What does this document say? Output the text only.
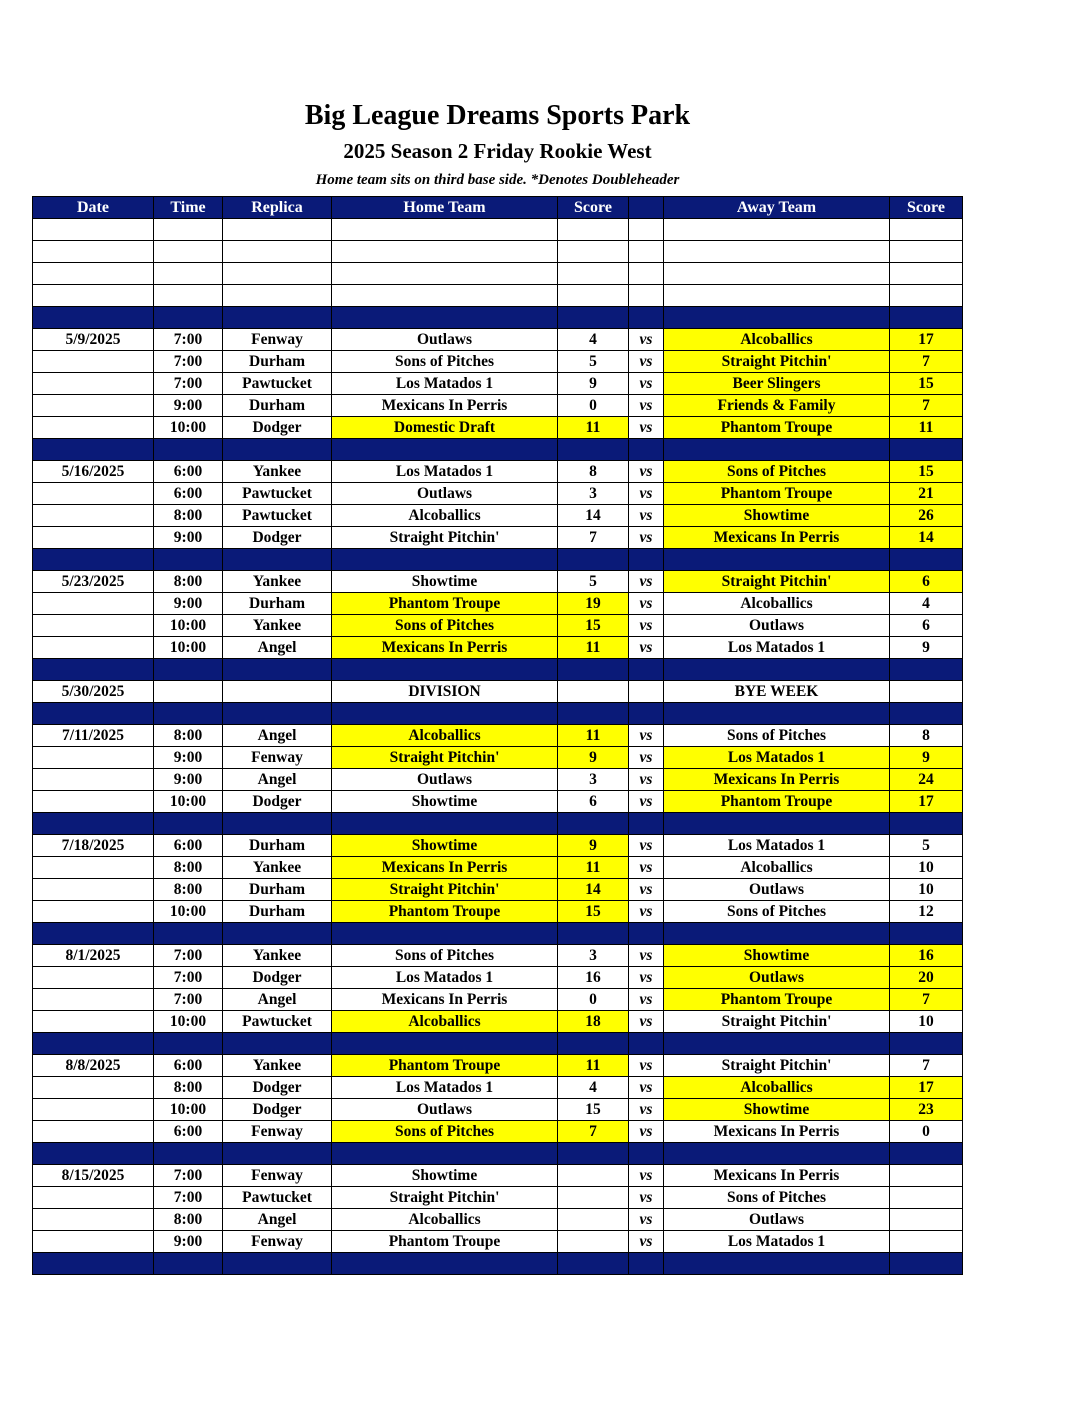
Big League Dreams Sports Park
2025 Season 2 Friday Rookie West
Home team sits on third base side. *Denotes Doubleheader
Date	Time	Replica	Home Team	Score		Away Team	Score

5/9/2025	7:00	Fenway	Outlaws	4	vs	Alcoballics	17
	7:00	Durham	Sons of Pitches	5	vs	Straight Pitchin'	7
	7:00	Pawtucket	Los Matados 1	9	vs	Beer Slingers	15
	9:00	Durham	Mexicans In Perris	0	vs	Friends & Family	7
	10:00	Dodger	Domestic Draft	11	vs	Phantom Troupe	11

5/16/2025	6:00	Yankee	Los Matados 1	8	vs	Sons of Pitches	15
	6:00	Pawtucket	Outlaws	3	vs	Phantom Troupe	21
	8:00	Pawtucket	Alcoballics	14	vs	Showtime	26
	9:00	Dodger	Straight Pitchin'	7	vs	Mexicans In Perris	14

5/23/2025	8:00	Yankee	Showtime	5	vs	Straight Pitchin'	6
	9:00	Durham	Phantom Troupe	19	vs	Alcoballics	4
	10:00	Yankee	Sons of Pitches	15	vs	Outlaws	6
	10:00	Angel	Mexicans In Perris	11	vs	Los Matados 1	9

5/30/2025			DIVISION			BYE WEEK	

7/11/2025	8:00	Angel	Alcoballics	11	vs	Sons of Pitches	8
	9:00	Fenway	Straight Pitchin'	9	vs	Los Matados 1	9
	9:00	Angel	Outlaws	3	vs	Mexicans In Perris	24
	10:00	Dodger	Showtime	6	vs	Phantom Troupe	17

7/18/2025	6:00	Durham	Showtime	9	vs	Los Matados 1	5
	8:00	Yankee	Mexicans In Perris	11	vs	Alcoballics	10
	8:00	Durham	Straight Pitchin'	14	vs	Outlaws	10
	10:00	Durham	Phantom Troupe	15	vs	Sons of Pitches	12

8/1/2025	7:00	Yankee	Sons of Pitches	3	vs	Showtime	16
	7:00	Dodger	Los Matados 1	16	vs	Outlaws	20
	7:00	Angel	Mexicans In Perris	0	vs	Phantom Troupe	7
	10:00	Pawtucket	Alcoballics	18	vs	Straight Pitchin'	10

8/8/2025	6:00	Yankee	Phantom Troupe	11	vs	Straight Pitchin'	7
	8:00	Dodger	Los Matados 1	4	vs	Alcoballics	17
	10:00	Dodger	Outlaws	15	vs	Showtime	23
	6:00	Fenway	Sons of Pitches	7	vs	Mexicans In Perris	0

8/15/2025	7:00	Fenway	Showtime		vs	Mexicans In Perris	
	7:00	Pawtucket	Straight Pitchin'		vs	Sons of Pitches	
	8:00	Angel	Alcoballics		vs	Outlaws	
	9:00	Fenway	Phantom Troupe		vs	Los Matados 1	
